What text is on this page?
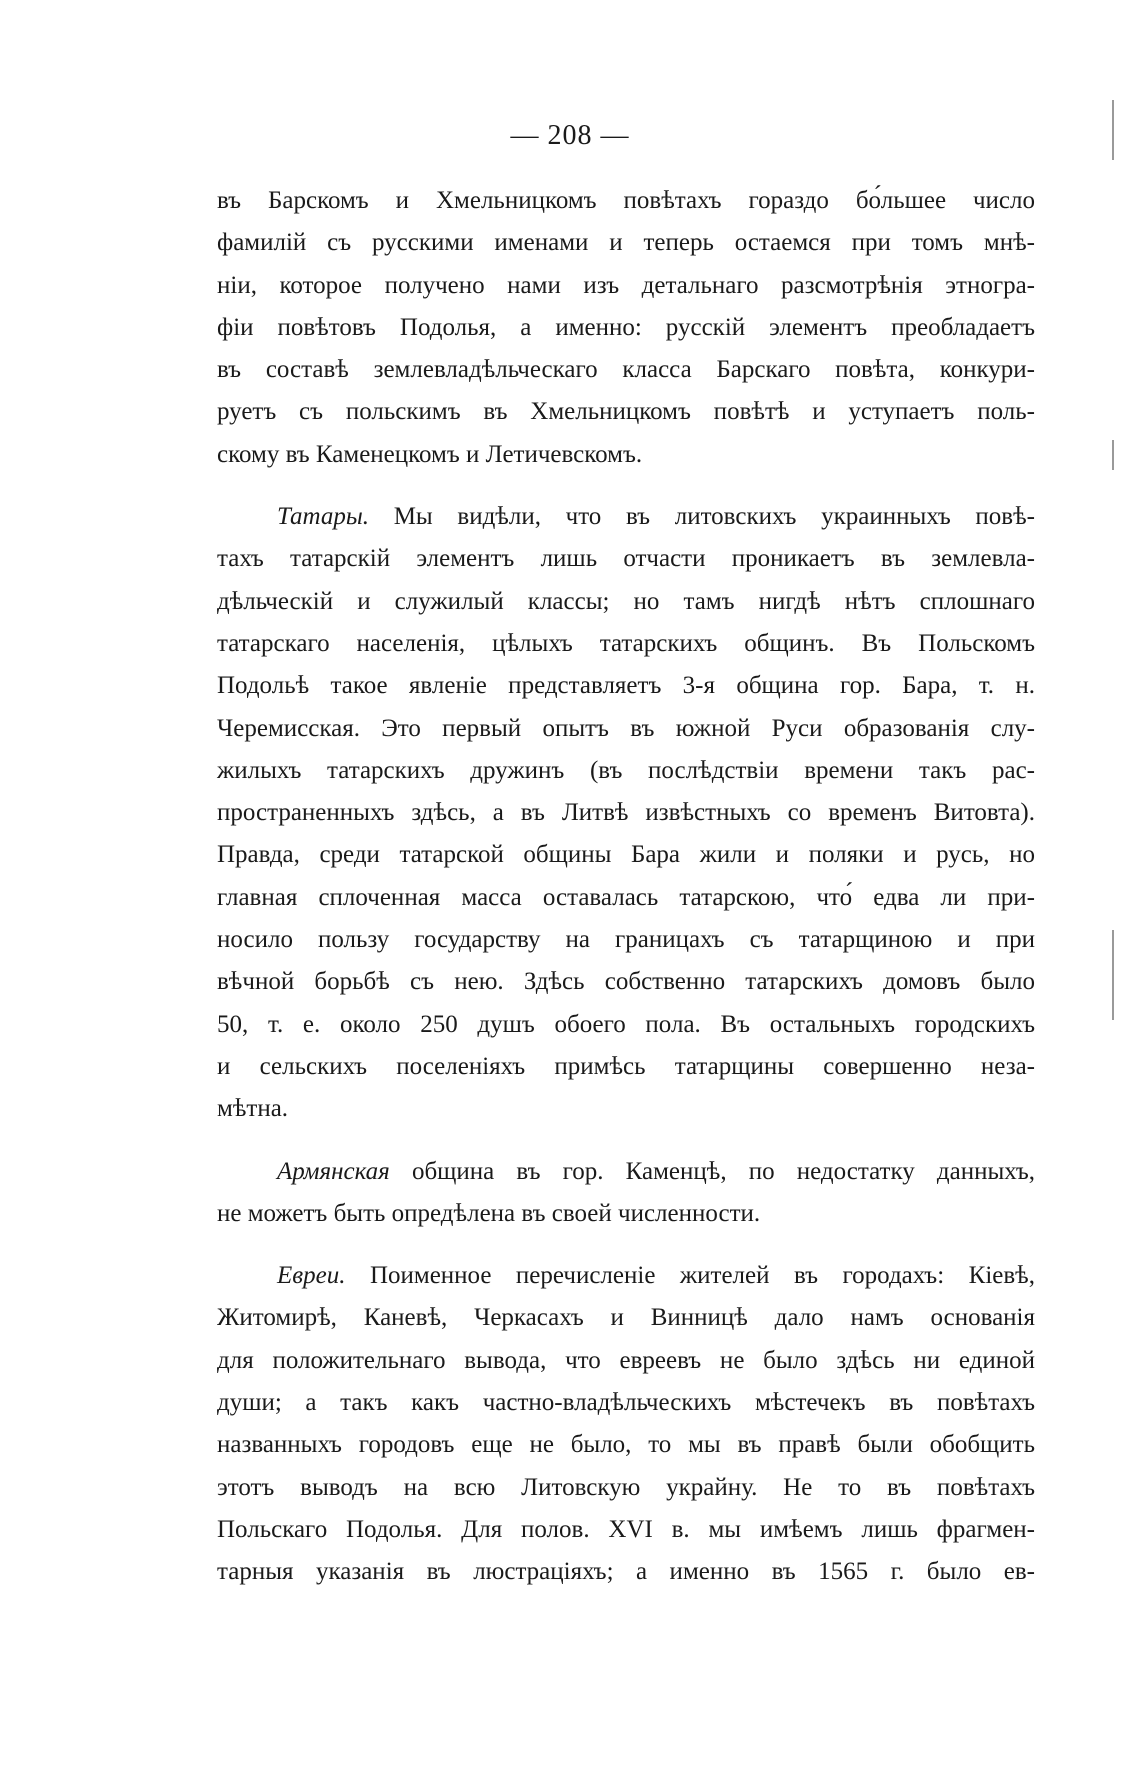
— 208 —

въ Барскомъ и Хмельницкомъ повѣтахъ гораздо бо́льшее число
фамилій съ русскими именами и теперь остаемся при томъ мнѣ-
ніи, которое получено нами изъ детальнаго разсмотрѣнія этногра-
фіи повѣтовъ Подолья, а именно: русскій элементъ преобладаетъ
въ составѣ землевладѣльческаго класса Барскаго повѣта, конкури-
руетъ съ польскимъ въ Хмельницкомъ повѣтѣ и уступаетъ поль-
скому въ Каменецкомъ и Летичевскомъ.

Татары. Мы видѣли, что въ литовскихъ украинныхъ повѣ-
тахъ татарскій элементъ лишь отчасти проникаетъ въ землевла-
дѣльческій и служилый классы; но тамъ нигдѣ нѣтъ сплошнаго
татарскаго населенія, цѣлыхъ татарскихъ общинъ. Въ Польскомъ
Подольѣ такое явленіе представляетъ 3-я община гор. Бара, т. н.
Черемисская. Это первый опытъ въ южной Руси образованія слу-
жилыхъ татарскихъ дружинъ (въ послѣдствіи времени такъ рас-
пространенныхъ здѣсь, а въ Литвѣ извѣстныхъ со временъ Витовта).
Правда, среди татарской общины Бара жили и поляки и русь, но
главная сплоченная масса оставалась татарскою, что́ едва ли при-
носило пользу государству на границахъ съ татарщиною и при
вѣчной борьбѣ съ нею. Здѣсь собственно татарскихъ домовъ было
50, т. е. около 250 душъ обоего пола. Въ остальныхъ городскихъ
и сельскихъ поселеніяхъ примѣсь татарщины совершенно неза-
мѣтна.

Армянская община въ гор. Каменцѣ, по недостатку данныхъ,
не можетъ быть опредѣлена въ своей численности.

Евреи. Поименное перечисленіе жителей въ городахъ: Кіевѣ,
Житомирѣ, Каневѣ, Черкасахъ и Винницѣ дало намъ основанія
для положительнаго вывода, что евреевъ не было здѣсь ни единой
души; а такъ какъ частно-владѣльческихъ мѣстечекъ въ повѣтахъ
названныхъ городовъ еще не было, то мы въ правѣ были обобщить
этотъ выводъ на всю Литовскую украйну. Не то въ повѣтахъ
Польскаго Подолья. Для полов. XVI в. мы имѣемъ лишь фрагмен-
тарныя указанія въ люстраціяхъ; а именно въ 1565 г. было ев-
